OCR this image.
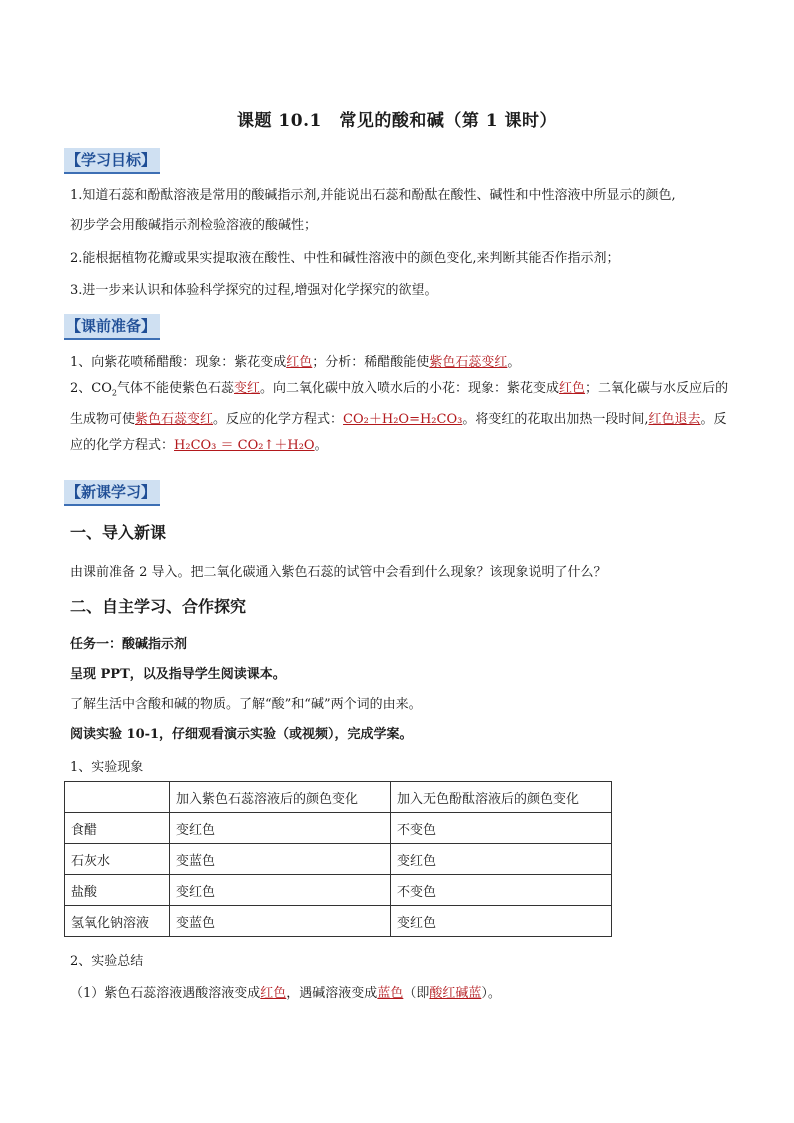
课题 10.1　常见的酸和碱（第 1 课时）
【学习目标】
1.知道石蕊和酚酞溶液是常用的酸碱指示剂,并能说出石蕊和酚酞在酸性、碱性和中性溶液中所显示的颜色,
初步学会用酸碱指示剂检验溶液的酸碱性；
2.能根据植物花瓣或果实提取液在酸性、中性和碱性溶液中的颜色变化,来判断其能否作指示剂；
3.进一步来认识和体验科学探究的过程,增强对化学探究的欲望。
【课前准备】
1、向紫花喷稀醋酸：现象：紫花变成红色；分析：稀醋酸能使紫色石蕊变红。
2、$CO_2$气体不能使紫色石蕊变红。向二氧化碳中放入喷水后的小花：现象：紫花变成红色；二氧化碳与水反应后的生成物可使紫色石蕊变红。反应的化学方程式：CO₂＋H₂O=H₂CO₃。将变红的花取出加热一段时间,红色退去。反应的化学方程式：H₂CO₃ ＝ CO₂↑＋H₂O。
【新课学习】
一、导入新课
由课前准备 2 导入。把二氧化碳通入紫色石蕊的试管中会看到什么现象？该现象说明了什么？
二、自主学习、合作探究
任务一：酸碱指示剂
呈现 PPT，以及指导学生阅读课本。
了解生活中含酸和碱的物质。了解“酸”和“碱”两个词的由来。
阅读实验 10-1，仔细观看演示实验（或视频），完成学案。
1、实验现象
	加入紫色石蕊溶液后的颜色变化	加入无色酚酞溶液后的颜色变化
食醋	变红色	不变色
石灰水	变蓝色	变红色
盐酸	变红色	不变色
氢氧化钠溶液	变蓝色	变红色
2、实验总结
（1）紫色石蕊溶液遇酸溶液变成红色，遇碱溶液变成蓝色（即酸红碱蓝）。
